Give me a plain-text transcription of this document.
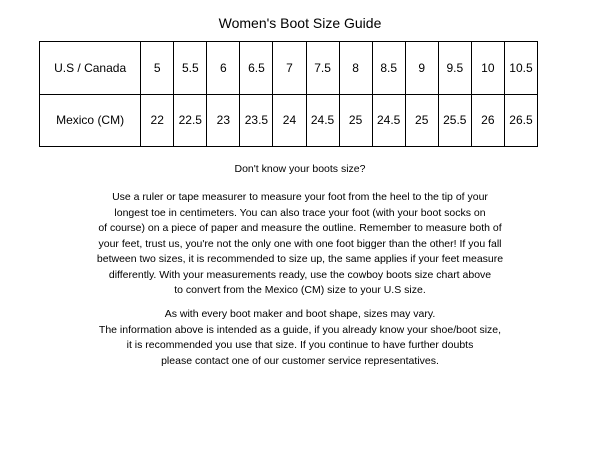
Women's Boot Size Guide
U.S / Canada	5	5.5	6	6.5	7	7.5	8	8.5	9	9.5	10	10.5
Mexico (CM)	22	22.5	23	23.5	24	24.5	25	24.5	25	25.5	26	26.5

Don't know your boots size?

Use a ruler or tape measurer to measure your foot from the heel to the tip of your

longest toe in centimeters. You can also trace your foot (with your boot socks on

of course) on a piece of paper and measure the outline. Remember to measure both of

your feet, trust us, you're not the only one with one foot bigger than the other! If you fall

between two sizes, it is recommended to size up, the same applies if your feet measure

differently. With your measurements ready, use the cowboy boots size chart above

to convert from the Mexico (CM) size to your U.S size.

As with every boot maker and boot shape, sizes may vary.

The information above is intended as a guide, if you already know your shoe/boot size,

it is recommended you use that size. If you continue to have further doubts

please contact one of our customer service representatives.
